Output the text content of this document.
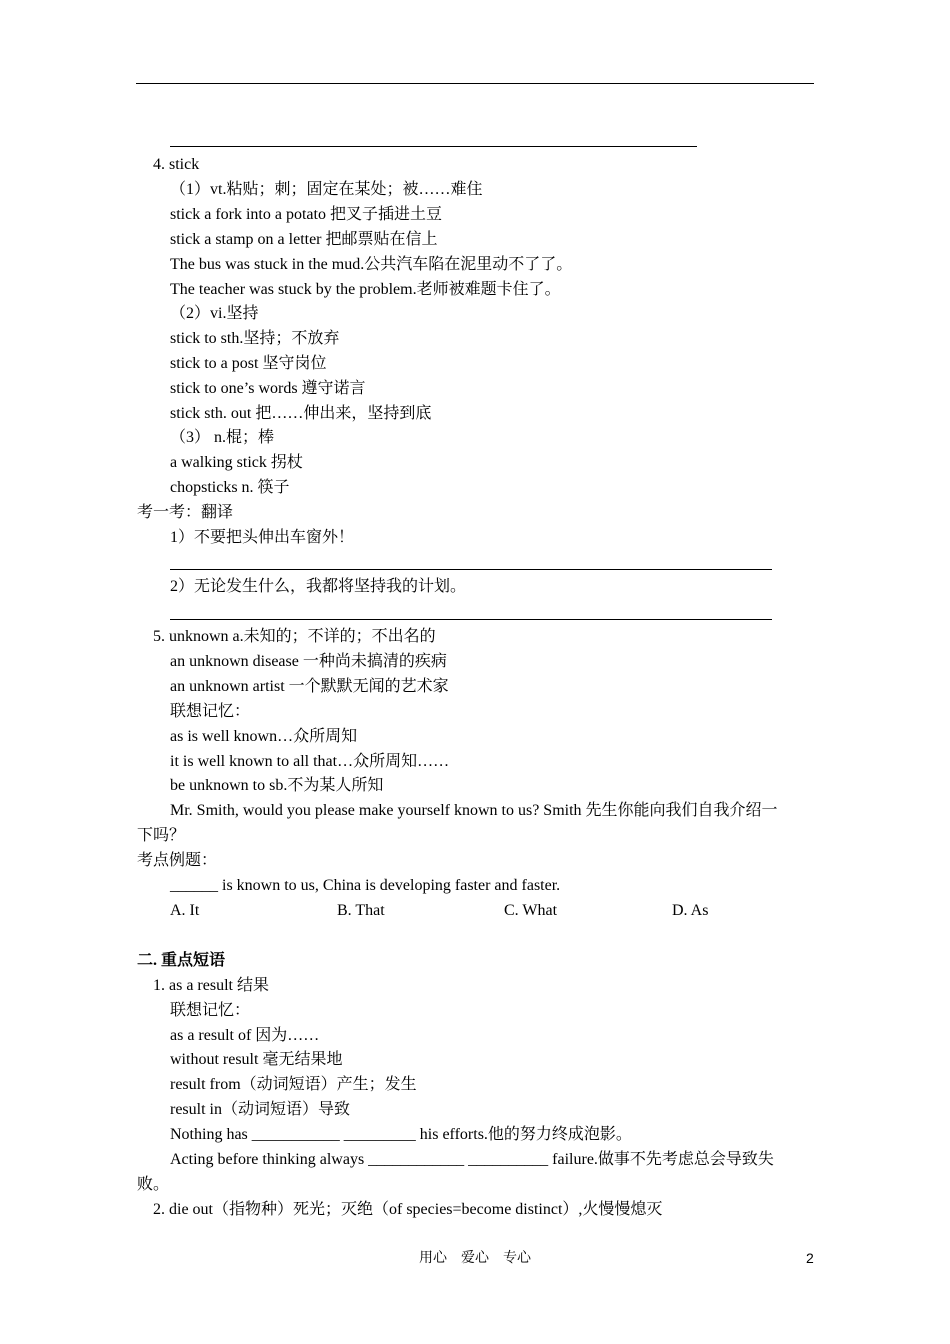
4. stick
（1）vt.粘贴；刺；固定在某处；被……难住
stick a fork into a potato 把叉子插进土豆
stick a stamp on a letter 把邮票贴在信上
The bus was stuck in the mud.公共汽车陷在泥里动不了了。
The teacher was stuck by the problem.老师被难题卡住了。
（2）vi.坚持
stick to sth.坚持；不放弃
stick to a post 坚守岗位
stick to one’s words 遵守诺言
stick sth. out 把……伸出来，坚持到底
（3） n.棍；棒
a walking stick 拐杖
chopsticks n. 筷子
考一考：翻译
1）不要把头伸出车窗外！
2）无论发生什么，我都将坚持我的计划。
5. unknown a.未知的；不详的；不出名的
an unknown disease 一种尚未搞清的疾病
an unknown artist 一个默默无闻的艺术家
联想记忆：
as is well known…众所周知
it is well known to all that…众所周知……
be unknown to sb.不为某人所知
Mr. Smith, would you please make yourself known to us? Smith 先生你能向我们自我介绍一
下吗？
考点例题：
______ is known to us, China is developing faster and faster.
A. It	B. That	C. What	D. As
二. 重点短语
1. as a result 结果
联想记忆：
as a result of 因为……
without result 毫无结果地
result from（动词短语）产生；发生
result in（动词短语）导致
Nothing has ___________ _________ his efforts.他的努力终成泡影。
Acting before thinking always ____________ __________ failure.做事不先考虑总会导致失
败。
2. die out（指物种）死光；灭绝（of species=become distinct）,火慢慢熄灭
用心　爱心　专心	2
